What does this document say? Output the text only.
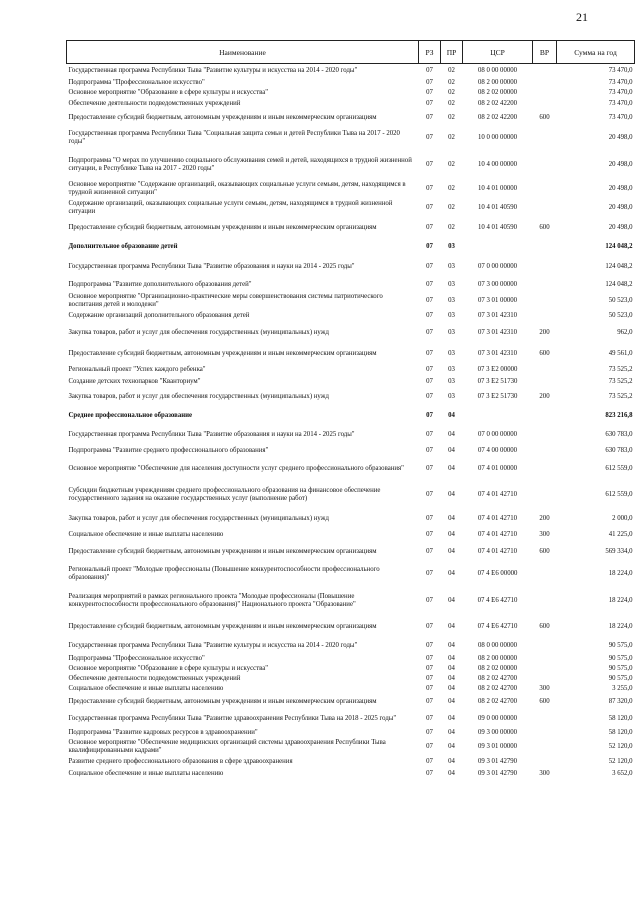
21
Наименование	РЗ	ПР	ЦСР	ВР	Сумма на год
Государственная программа Республики Тыва "Развитие культуры и искусства на 2014 - 2020 годы"	07	02	08 0 00 00000		73 470,0
Подпрограмма "Профессиональное искусство"	07	02	08 2 00 00000		73 470,0
Основное мероприятие "Образование в сфере культуры и искусства"	07	02	08 2 02 00000		73 470,0
Обеспечение деятельности подведомственных учреждений	07	02	08 2 02 42200		73 470,0
Предоставление субсидий бюджетным, автономным учреждениям и иным некоммерческим организациям	07	02	08 2 02 42200	600	73 470,0
Государственная программа Республики Тыва "Социальная защита семьи и детей Республики Тыва на 2017 - 2020 годы"	07	02	10 0 00 00000		20 498,0
Подпрограмма "О мерах по улучшению социального обслуживания семей и детей, находящихся в трудной жизненной ситуации, в Республике Тыва на 2017 - 2020 годы"	07	02	10 4 00 00000		20 498,0
Основное мероприятие "Содержание организаций, оказывающих социальные услуги семьям, детям, находящимся в трудной жизненной ситуации"	07	02	10 4 01 00000		20 498,0
Содержание организаций, оказывающих социальные услуги семьям, детям, находящимся в трудной жизненной ситуации	07	02	10 4 01 40590		20 498,0
Предоставление субсидий бюджетным, автономным учреждениям и иным некоммерческим организациям	07	02	10 4 01 40590	600	20 498,0
Дополнительное образование детей	07	03			124 048,2
Государственная программа Республики Тыва "Развитие образования и науки на 2014 - 2025 годы"	07	03	07 0 00 00000		124 048,2
Подпрограмма "Развитие дополнительного образования детей"	07	03	07 3 00 00000		124 048,2
Основное мероприятие "Организационно-практические меры совершенствования системы патриотического воспитания детей и молодежи"	07	03	07 3 01 00000		50 523,0
Содержание организаций дополнительного образования детей	07	03	07 3 01 42310		50 523,0
Закупка товаров, работ и услуг для обеспечения государственных (муниципальных) нужд	07	03	07 3 01 42310	200	962,0
Предоставление субсидий бюджетным, автономным учреждениям и иным некоммерческим организациям	07	03	07 3 01 42310	600	49 561,0
Региональный проект "Успех каждого ребенка"	07	03	07 3 Е2 00000		73 525,2
Создание детских технопарков "Кванториум"	07	03	07 3 Е2 51730		73 525,2
Закупка товаров, работ и услуг для обеспечения государственных (муниципальных) нужд	07	03	07 3 Е2 51730	200	73 525,2
Среднее профессиональное образование	07	04			823 216,8
Государственная программа Республики Тыва "Развитие образования и науки на 2014 - 2025 годы"	07	04	07 0 00 00000		630 783,0
Подпрограмма "Развитие среднего профессионального образования"	07	04	07 4 00 00000		630 783,0
Основное мероприятие "Обеспечение для населения доступности услуг среднего профессионального образования"	07	04	07 4 01 00000		612 559,0
Субсидии бюджетным учреждениям среднего профессионального образования на финансовое обеспечение государственного задания на оказание государственных услуг (выполнение работ)	07	04	07 4 01 42710		612 559,0
Закупка товаров, работ и услуг для обеспечения государственных (муниципальных) нужд	07	04	07 4 01 42710	200	2 000,0
Социальное обеспечение и иные выплаты населению	07	04	07 4 01 42710	300	41 225,0
Предоставление субсидий бюджетным, автономным учреждениям и иным некоммерческим организациям	07	04	07 4 01 42710	600	569 334,0
Региональный проект "Молодые профессионалы (Повышение конкурентоспособности профессионального образования)"	07	04	07 4 Е6 00000		18 224,0
Реализация мероприятий в рамках регионального проекта "Молодые профессионалы (Повышение конкурентоспособности профессионального образования)" Национального проекта "Образование"	07	04	07 4 Е6 42710		18 224,0
Предоставление субсидий бюджетным, автономным учреждениям и иным некоммерческим организациям	07	04	07 4 Е6 42710	600	18 224,0
Государственная программа Республики Тыва "Развитие культуры и искусства на 2014 - 2020 годы"	07	04	08 0 00 00000		90 575,0
Подпрограмма "Профессиональное искусство"	07	04	08 2 00 00000		90 575,0
Основное мероприятие "Образование в сфере культуры и искусства"	07	04	08 2 02 00000		90 575,0
Обеспечение деятельности подведомственных учреждений	07	04	08 2 02 42700		90 575,0
Социальное обеспечение и иные выплаты населению	07	04	08 2 02 42700	300	3 255,0
Предоставление субсидий бюджетным, автономным учреждениям и иным некоммерческим организациям	07	04	08 2 02 42700	600	87 320,0
Государственная программа Республики Тыва "Развитие здравоохранения Республики Тыва на 2018 - 2025 годы"	07	04	09 0 00 00000		58 120,0
Подпрограмма "Развитие кадровых ресурсов в здравоохранении"	07	04	09 3 00 00000		58 120,0
Основное мероприятие "Обеспечение медицинских организаций системы здравоохранения Республики Тыва квалифицированными кадрами"	07	04	09 3 01 00000		52 120,0
Развитие среднего профессионального образования в сфере здравоохранения	07	04	09 3 01 42790		52 120,0
Социальное обеспечение и иные выплаты населению	07	04	09 3 01 42790	300	3 652,0
